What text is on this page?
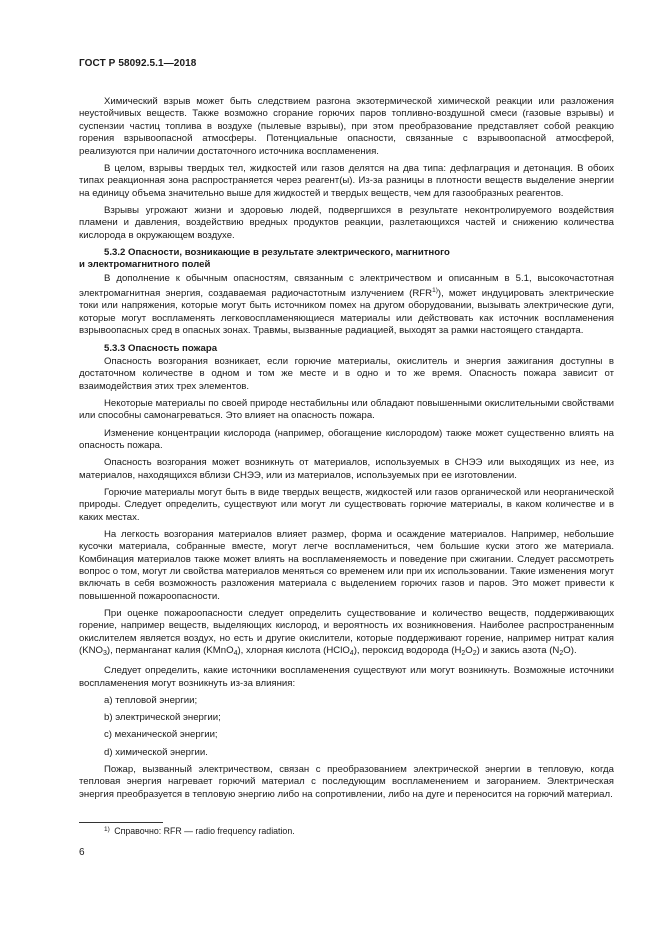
ГОСТ Р 58092.5.1—2018

Химический взрыв может быть следствием разгона экзотермической химической реакции или разложения неустойчивых веществ. Также возможно сгорание горючих паров топливно-воздушной смеси (газовые взрывы) и суспензии частиц топлива в воздухе (пылевые взрывы), при этом преобразование представляет собой реакцию горения взрывоопасной атмосферы. Потенциальные опасности, связанные с взрывоопасной атмосферой, реализуются при наличии достаточного источника воспламенения.

В целом, взрывы твердых тел, жидкостей или газов делятся на два типа: дефлаграция и детонация. В обоих типах реакционная зона распространяется через реагент(ы). Из-за разницы в плотности веществ выделение энергии на единицу объема значительно выше для жидкостей и твердых веществ, чем для газообразных реагентов.

Взрывы угрожают жизни и здоровью людей, подвергшихся в результате неконтролируемого воздействия пламени и давления, воздействию вредных продуктов реакции, разлетающихся частей и снижению количества кислорода в окружающем воздухе.

5.3.2 Опасности, возникающие в результате электрического, магнитного
и электромагнитного полей

В дополнение к обычным опасностям, связанным с электричеством и описанным в 5.1, высокочастотная электромагнитная энергия, создаваемая радиочастотным излучением (RFR$^{1)}$), может индуцировать электрические токи или напряжения, которые могут быть источником помех на другом оборудовании, вызывать электрические дуги, которые могут воспламенять легковоспламеняющиеся материалы или действовать как источник воспламенения взрывоопасных сред в опасных зонах. Травмы, вызванные радиацией, выходят за рамки настоящего стандарта.

5.3.3 Опасность пожара

Опасность возгорания возникает, если горючие материалы, окислитель и энергия зажигания доступны в достаточном количестве в одном и том же месте и в одно и то же время. Опасность пожара зависит от взаимодействия этих трех элементов.

Некоторые материалы по своей природе нестабильны или обладают повышенными окислительными свойствами или способны самонагреваться. Это влияет на опасность пожара.

Изменение концентрации кислорода (например, обогащение кислородом) также может существенно влиять на опасность пожара.

Опасность возгорания может возникнуть от материалов, используемых в СНЭЭ или выходящих из нее, из материалов, находящихся вблизи СНЭЭ, или из материалов, используемых при ее изготовлении.

Горючие материалы могут быть в виде твердых веществ, жидкостей или газов органической или неорганической природы. Следует определить, существуют или могут ли существовать горючие материалы, в каком количестве и в каких местах.

На легкость возгорания материалов влияет размер, форма и осаждение материалов. Например, небольшие кусочки материала, собранные вместе, могут легче воспламениться, чем большие куски этого же материала. Комбинация материалов также может влиять на воспламеняемость и поведение при сжигании. Следует рассмотреть вопрос о том, могут ли свойства материалов меняться со временем или при их использовании. Такие изменения могут включать в себя возможность разложения материала с выделением горючих газов и паров. Это может привести к повышенной пожароопасности.

При оценке пожароопасности следует определить существование и количество веществ, поддерживающих горение, например веществ, выделяющих кислород, и вероятность их возникновения. Наиболее распространенным окислителем является воздух, но есть и другие окислители, которые поддерживают горение, например нитрат калия $(KNO_3)$, перманганат калия (KMnO$_4$), хлорная кислота (HClO$_4$), пероксид водорода $(H_2O_2)$ и закись азота $(N_2O)$.

Следует определить, какие источники воспламенения существуют или могут возникнуть. Возможные источники воспламенения могут возникнуть из-за влияния:

a) тепловой энергии;

b) электрической энергии;

c) механической энергии;

d) химической энергии.

Пожар, вызванный электричеством, связан с преобразованием электрической энергии в тепловую, когда тепловая энергия нагревает горючий материал с последующим воспламенением и загоранием. Электрическая энергия преобразуется в тепловую энергию либо на сопротивлении, либо на дуге и переносится на горючий материал.

$^{1)}$ Справочно: RFR — radio frequency radiation.
6
